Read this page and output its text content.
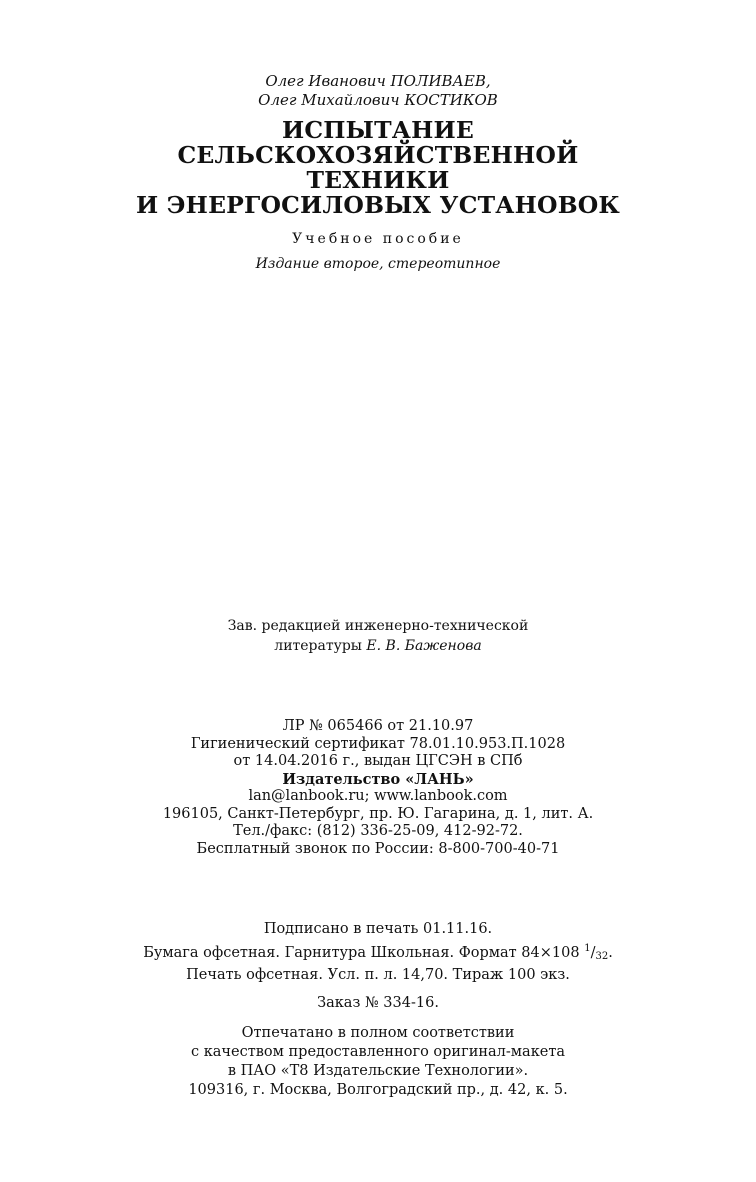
Олег Иванович ПОЛИВАЕВ,
Олег Михайлович КОСТИКОВ
ИСПЫТАНИЕ
СЕЛЬСКОХОЗЯЙСТВЕННОЙ
ТЕХНИКИ
И ЭНЕРГОСИЛОВЫХ УСТАНОВОК
Учебное пособие
Издание второе, стереотипное
Зав. редакцией инженерно-технической
литературы Е. В. Баженова
ЛР № 065466 от 21.10.97
Гигиенический сертификат 78.01.10.953.П.1028
от 14.04.2016 г., выдан ЦГСЭН в СПб
Издательство «ЛАНЬ»
lan@lanbook.ru; www.lanbook.com
196105, Санкт-Петербург, пр. Ю. Гагарина, д. 1, лит. А.
Тел./факс: (812) 336-25-09, 412-92-72.
Бесплатный звонок по России: 8-800-700-40-71
Подписано в печать 01.11.16.
Бумага офсетная. Гарнитура Школьная. Формат 84×108 $^1$/32.
Печать офсетная. Усл. п. л. 14,70. Тираж 100 экз.
Заказ № 334-16.
Отпечатано в полном соответствии
с качеством предоставленного оригинал-макета
в ПАО «Т8 Издательские Технологии».
109316, г. Москва, Волгоградский пр., д. 42, к. 5.
